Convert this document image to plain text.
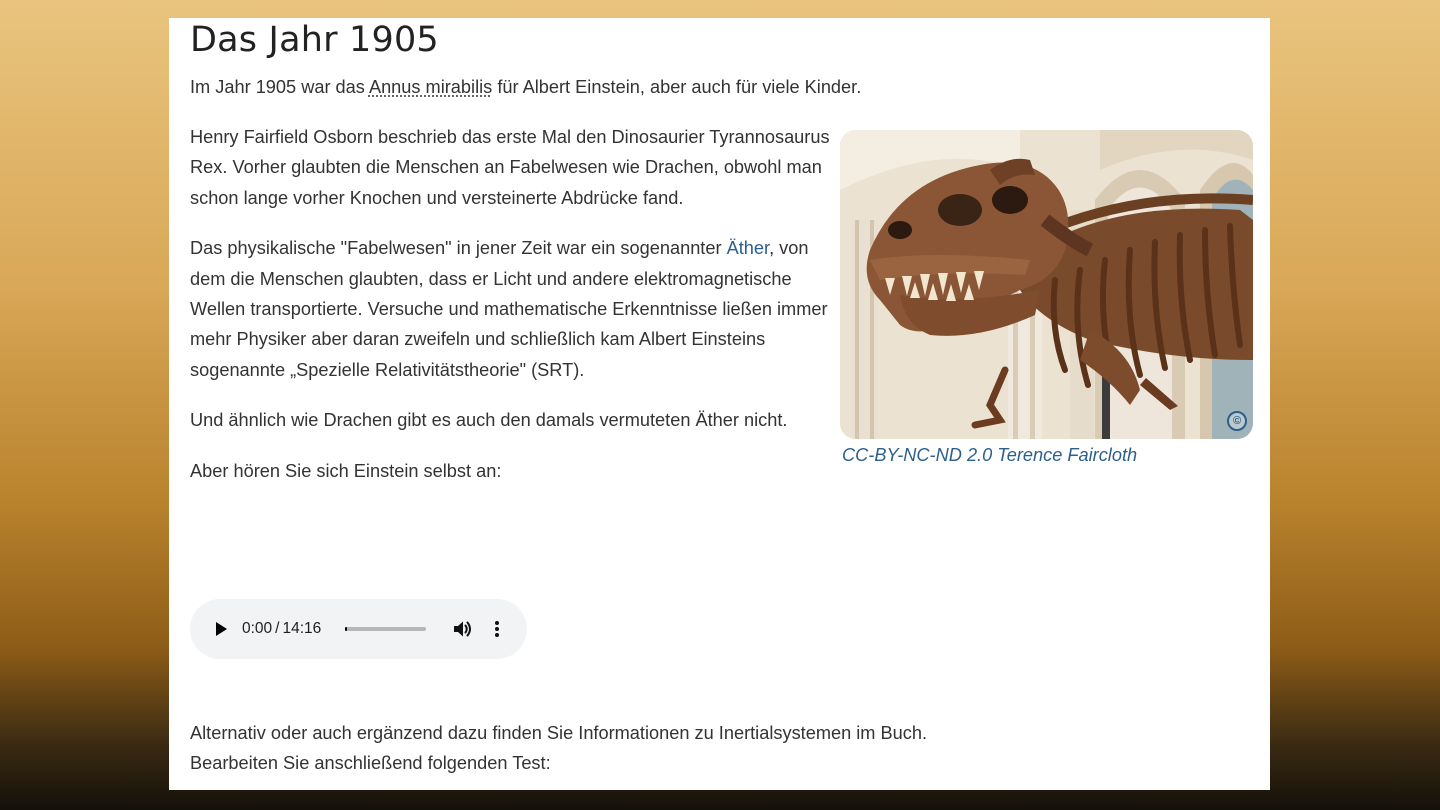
Das Jahr 1905

Im Jahr 1905 war das Annus mirabilis für Albert Einstein, aber auch für viele Kinder.

Henry Fairfield Osborn beschrieb das erste Mal den Dinosaurier Tyrannosaurus Rex. Vorher glaubten die Menschen an Fabelwesen wie Drachen, obwohl man schon lange vorher Knochen und versteinerte Abdrücke fand.

Das physikalische "Fabelwesen" in jener Zeit war ein sogenannter Äther, von dem die Menschen glaubten, dass er Licht und andere elektromagnetische Wellen transportierte. Versuche und mathematische Erkenntnisse ließen immer mehr Physiker aber daran zweifeln und schließlich kam Albert Einsteins sogenannte „Spezielle Relativitätstheorie" (SRT).

Und ähnlich wie Drachen gibt es auch den damals vermuteten Äther nicht.

Aber hören Sie sich Einstein selbst an:

©
CC-BY-NC-ND 2.0 Terence Faircloth
0:00 / 14:16

Alternativ oder auch ergänzend dazu finden Sie Informationen zu Inertialsystemen im Buch.

Bearbeiten Sie anschließend folgenden Test:
